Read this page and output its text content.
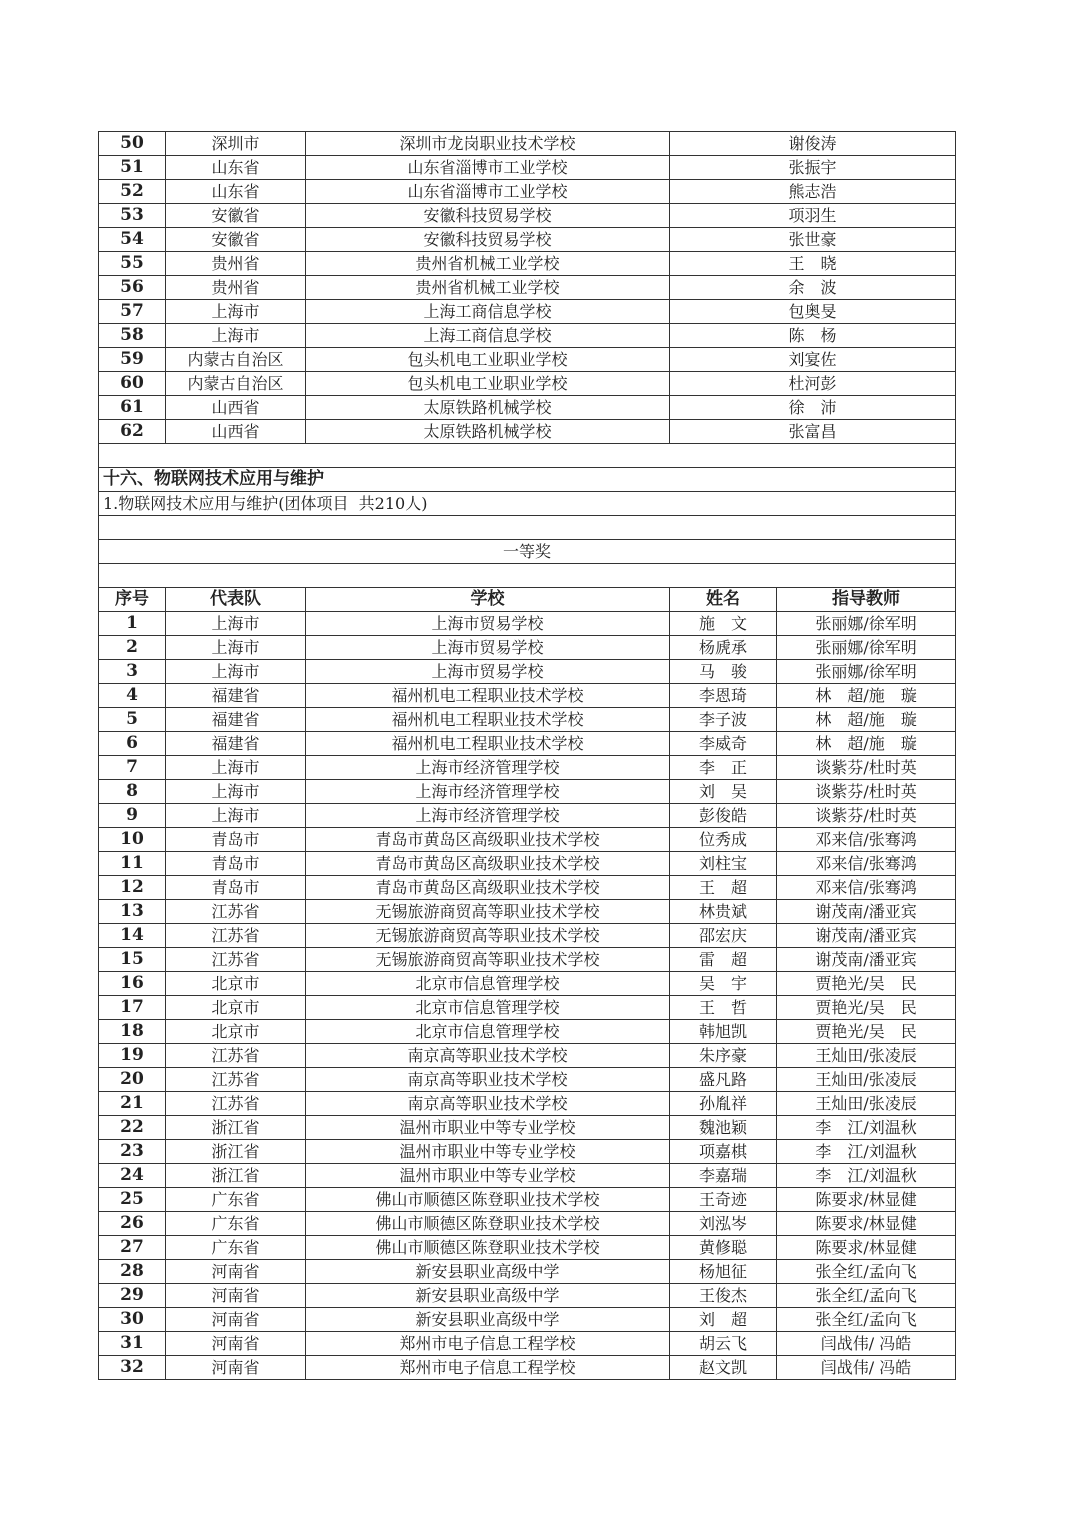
50	深圳市	深圳市龙岗职业技术学校	谢俊涛
51	山东省	山东省淄博市工业学校	张振宇
52	山东省	山东省淄博市工业学校	熊志浩
53	安徽省	安徽科技贸易学校	项羽生
54	安徽省	安徽科技贸易学校	张世豪
55	贵州省	贵州省机械工业学校	王　晓
56	贵州省	贵州省机械工业学校	余　波
57	上海市	上海工商信息学校	包奥旻
58	上海市	上海工商信息学校	陈　杨
59	内蒙古自治区	包头机电工业职业学校	刘宴佐
60	内蒙古自治区	包头机电工业职业学校	杜河彭
61	山西省	太原铁路机械学校	徐　沛
62	山西省	太原铁路机械学校	张富昌

十六、物联网技术应用与维护				
1.物联网技术应用与维护(团体项目  共210人)				

一等奖				

序号	代表队	学校	姓名	指导教师
1	上海市	上海市贸易学校	施　文	张丽娜/徐军明
2	上海市	上海市贸易学校	杨虒承	张丽娜/徐军明
3	上海市	上海市贸易学校	马　骏	张丽娜/徐军明
4	福建省	福州机电工程职业技术学校	李恩琦	林　超/施　璇
5	福建省	福州机电工程职业技术学校	李子波	林　超/施　璇
6	福建省	福州机电工程职业技术学校	李威奇	林　超/施　璇
7	上海市	上海市经济管理学校	李　正	谈紫芬/杜时英
8	上海市	上海市经济管理学校	刘　吴	谈紫芬/杜时英
9	上海市	上海市经济管理学校	彭俊皓	谈紫芬/杜时英
10	青岛市	青岛市黄岛区高级职业技术学校	位秀成	邓来信/张骞鸿
11	青岛市	青岛市黄岛区高级职业技术学校	刘柱宝	邓来信/张骞鸿
12	青岛市	青岛市黄岛区高级职业技术学校	王　超	邓来信/张骞鸿
13	江苏省	无锡旅游商贸高等职业技术学校	林贵斌	谢茂南/潘亚宾
14	江苏省	无锡旅游商贸高等职业技术学校	邵宏庆	谢茂南/潘亚宾
15	江苏省	无锡旅游商贸高等职业技术学校	雷　超	谢茂南/潘亚宾
16	北京市	北京市信息管理学校	吴　宇	贾艳光/吴　民
17	北京市	北京市信息管理学校	王　哲	贾艳光/吴　民
18	北京市	北京市信息管理学校	韩旭凯	贾艳光/吴　民
19	江苏省	南京高等职业技术学校	朱序豪	王灿田/张凌辰
20	江苏省	南京高等职业技术学校	盛凡路	王灿田/张凌辰
21	江苏省	南京高等职业技术学校	孙胤祥	王灿田/张凌辰
22	浙江省	温州市职业中等专业学校	魏池颖	李　江/刘温秋
23	浙江省	温州市职业中等专业学校	项嘉棋	李　江/刘温秋
24	浙江省	温州市职业中等专业学校	李嘉瑞	李　江/刘温秋
25	广东省	佛山市顺德区陈登职业技术学校	王奇迹	陈要求/林显健
26	广东省	佛山市顺德区陈登职业技术学校	刘泓岑	陈要求/林显健
27	广东省	佛山市顺德区陈登职业技术学校	黄修聪	陈要求/林显健
28	河南省	新安县职业高级中学	杨旭征	张全红/孟向飞
29	河南省	新安县职业高级中学	王俊杰	张全红/孟向飞
30	河南省	新安县职业高级中学	刘　超	张全红/孟向飞
31	河南省	郑州市电子信息工程学校	胡云飞	闫战伟/ 冯皓
32	河南省	郑州市电子信息工程学校	赵文凯	闫战伟/ 冯皓
